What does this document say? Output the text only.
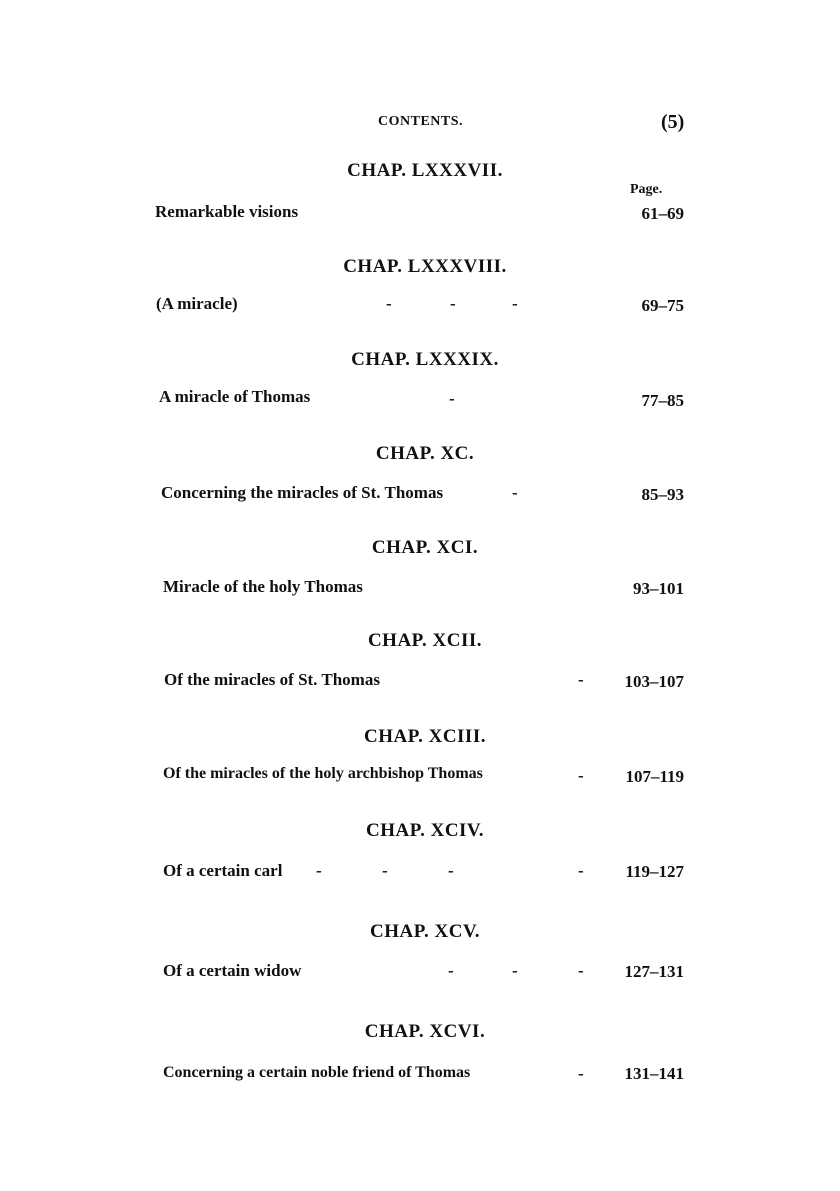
CONTENTS.	(5)
CHAP. LXXXVII.
Page.
Remarkable visions	61–69
CHAP. LXXXVIII.
(A miracle)	-	-	-	69–75
CHAP. LXXXIX.
A miracle of Thomas	-	77–85
CHAP. XC.
Concerning the miracles of St. Thomas	-	85–93
CHAP. XCI.
Miracle of the holy Thomas	93–101
CHAP. XCII.
Of the miracles of St. Thomas	- 103–107
CHAP. XCIII.
Of the miracles of the holy archbishop Thomas	- 107–119
CHAP. XCIV.
Of a certain carl -	-	-	- 119–127
CHAP. XCV.
Of a certain widow	-	-	- 127–131
CHAP. XCVI.
Concerning a certain noble friend of Thomas	- 131–141
